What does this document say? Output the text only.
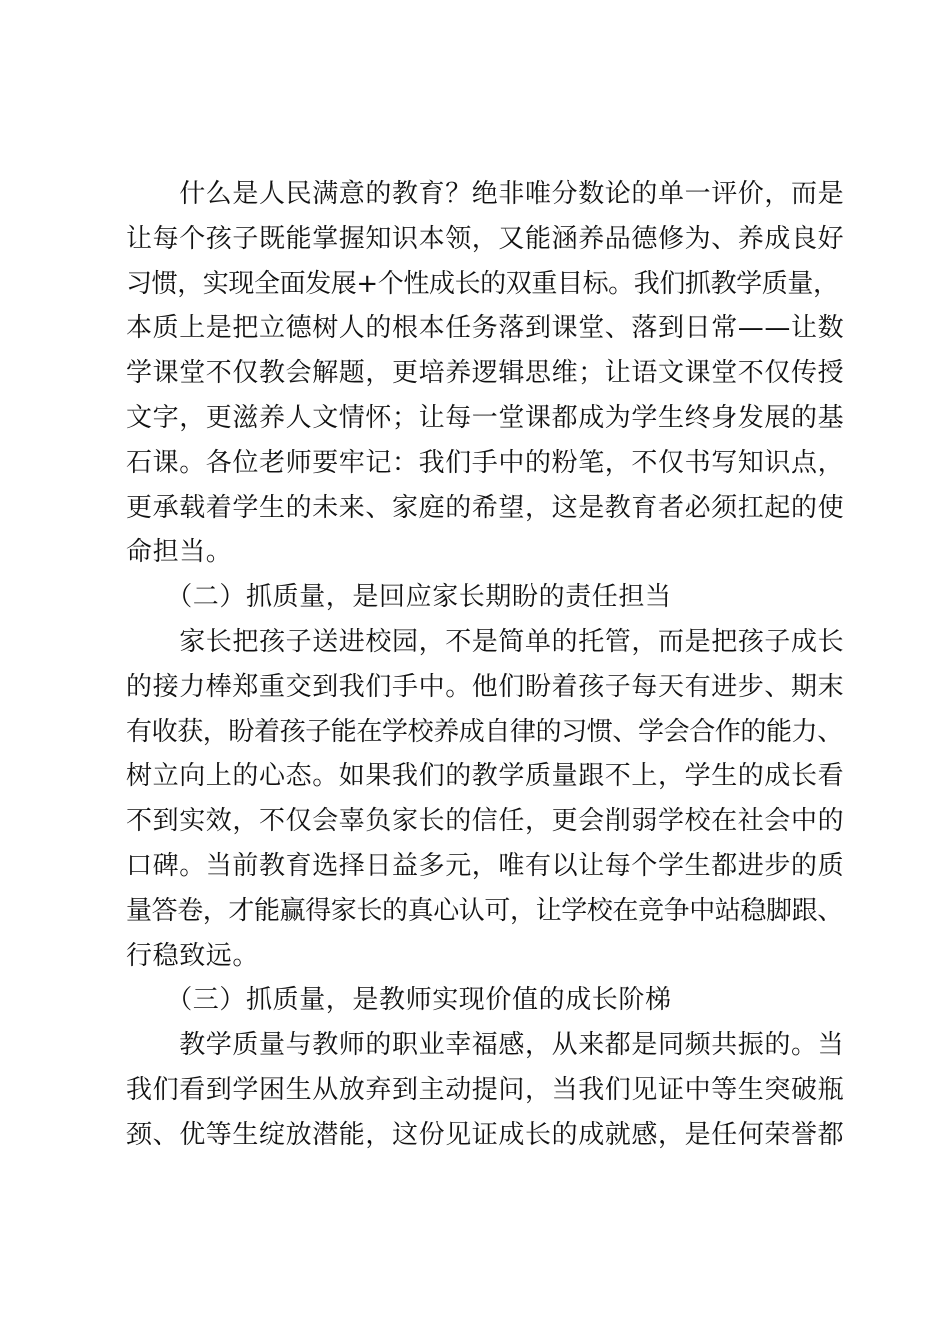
　　什么是人民满意的教育？绝非唯分数论的单一评价，而是
让每个孩子既能掌握知识本领，又能涵养品德修为、养成良好
习惯，实现全面发展+个性成长的双重目标。我们抓教学质量，
本质上是把立德树人的根本任务落到课堂、落到日常——让数
学课堂不仅教会解题，更培养逻辑思维；让语文课堂不仅传授
文字，更滋养人文情怀；让每一堂课都成为学生终身发展的基
石课。各位老师要牢记：我们手中的粉笔，不仅书写知识点，
更承载着学生的未来、家庭的希望，这是教育者必须扛起的使
命担当。
　　（二）抓质量，是回应家长期盼的责任担当
　　家长把孩子送进校园，不是简单的托管，而是把孩子成长
的接力棒郑重交到我们手中。他们盼着孩子每天有进步、期末
有收获，盼着孩子能在学校养成自律的习惯、学会合作的能力、
树立向上的心态。如果我们的教学质量跟不上，学生的成长看
不到实效，不仅会辜负家长的信任，更会削弱学校在社会中的
口碑。当前教育选择日益多元，唯有以让每个学生都进步的质
量答卷，才能赢得家长的真心认可，让学校在竞争中站稳脚跟、
行稳致远。
　　（三）抓质量，是教师实现价值的成长阶梯
　　教学质量与教师的职业幸福感，从来都是同频共振的。当
我们看到学困生从放弃到主动提问，当我们见证中等生突破瓶
颈、优等生绽放潜能，这份见证成长的成就感，是任何荣誉都
